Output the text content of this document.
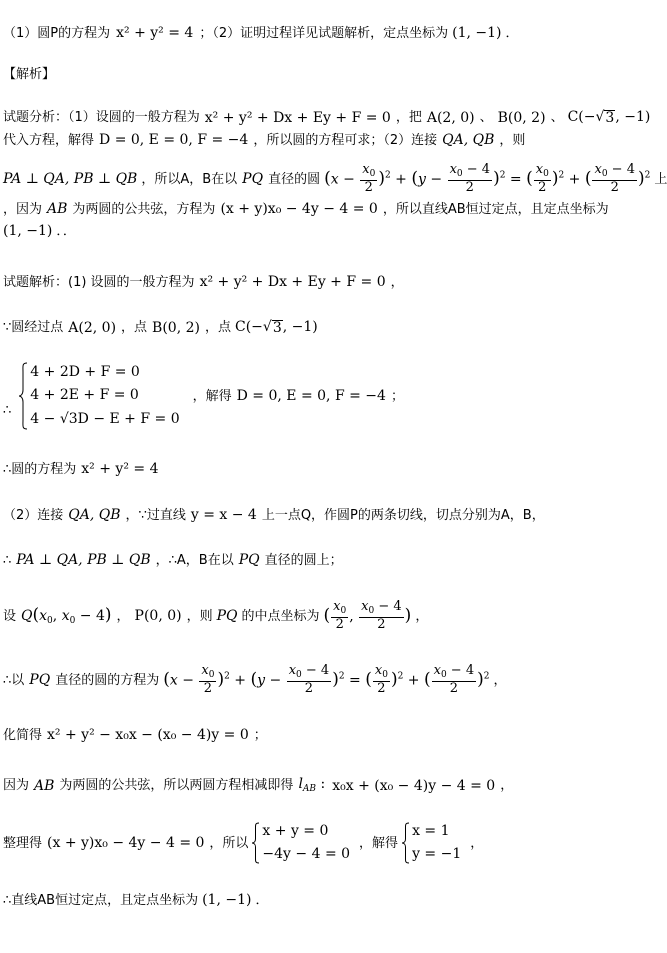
（1）圆P的方程为 x² + y² = 4 ；（2）证明过程详见试题解析，定点坐标为 (1, −1) ．
【解析】
试题分析：（1）设圆的一般方程为 x² + y² + Dx + Ey + F = 0 ，把 A(2, 0) 、 B(0, 2) 、 C(−√ 3 , −1)
代入方程，解得 D = 0, E = 0, F = −4 ，所以圆的方程可求；（2）连接 QA, QB ，则
PA ⊥ QA, PB ⊥ QB ，所以A，B在以 PQ 直径的圆 $(x - \frac{x_0}{2} )^2 + (y - \frac{x_0 - 4}{2} )^2$ = ( $\frac{x_0}{2} )^2$ + ( $\frac{x_0 - 4}{2} )^2$ 上
，因为 AB 为两圆的公共弦，方程为 (x + y)x₀ − 4y − 4 = 0 ，所以直线AB恒过定点，且定点坐标为
(1, −1) ．．
试题解析：(1) 设圆的一般方程为 x² + y² + Dx + Ey + F = 0 ，
∵圆经过点 A(2, 0) ，点 B(0, 2) ，点 C(−√ 3 , −1)
∴
4 + 2D + F = 0
4 + 2E + F = 0
4 − √3D − E + F = 0
，解得 D = 0, E = 0, F = −4 ；
∴圆的方程为 x² + y² = 4
（2）连接 QA, QB ，∵过直线 y = x − 4 上一点Q，作圆P的两条切线，切点分别为A，B，
∴ PA ⊥ QA, PB ⊥ QB ，∴A，B在以 PQ 直径的圆上；
设 $Q(x_0$, $x_0 - 4$) ， P(0, 0) ，则 PQ 的中点坐标为 ( $\frac{x_0}{2}$ , $\frac{x_0 - 4}{2}$ ) ，
∴以 PQ 直径的圆的方程为 $(x - \frac{x_0}{2} )^2 + (y - \frac{x_0 - 4}{2} )^2$ = ( $\frac{x_0}{2} )^2$ + ( $\frac{x_0 - 4}{2} )^2$ ，
化简得 x² + y² − x₀x − (x₀ − 4)y = 0 ；
因为 AB 为两圆的公共弦，所以两圆方程相减即得 $l_{AB}$ : x₀x + (x₀ − 4)y − 4 = 0 ，
整理得 (x + y)x₀ − 4y − 4 = 0 ，所以
x + y = 0
−4y − 4 = 0
，解得
x = 1
y = −1
，
∴直线AB恒过定点，且定点坐标为 (1, −1) ．
